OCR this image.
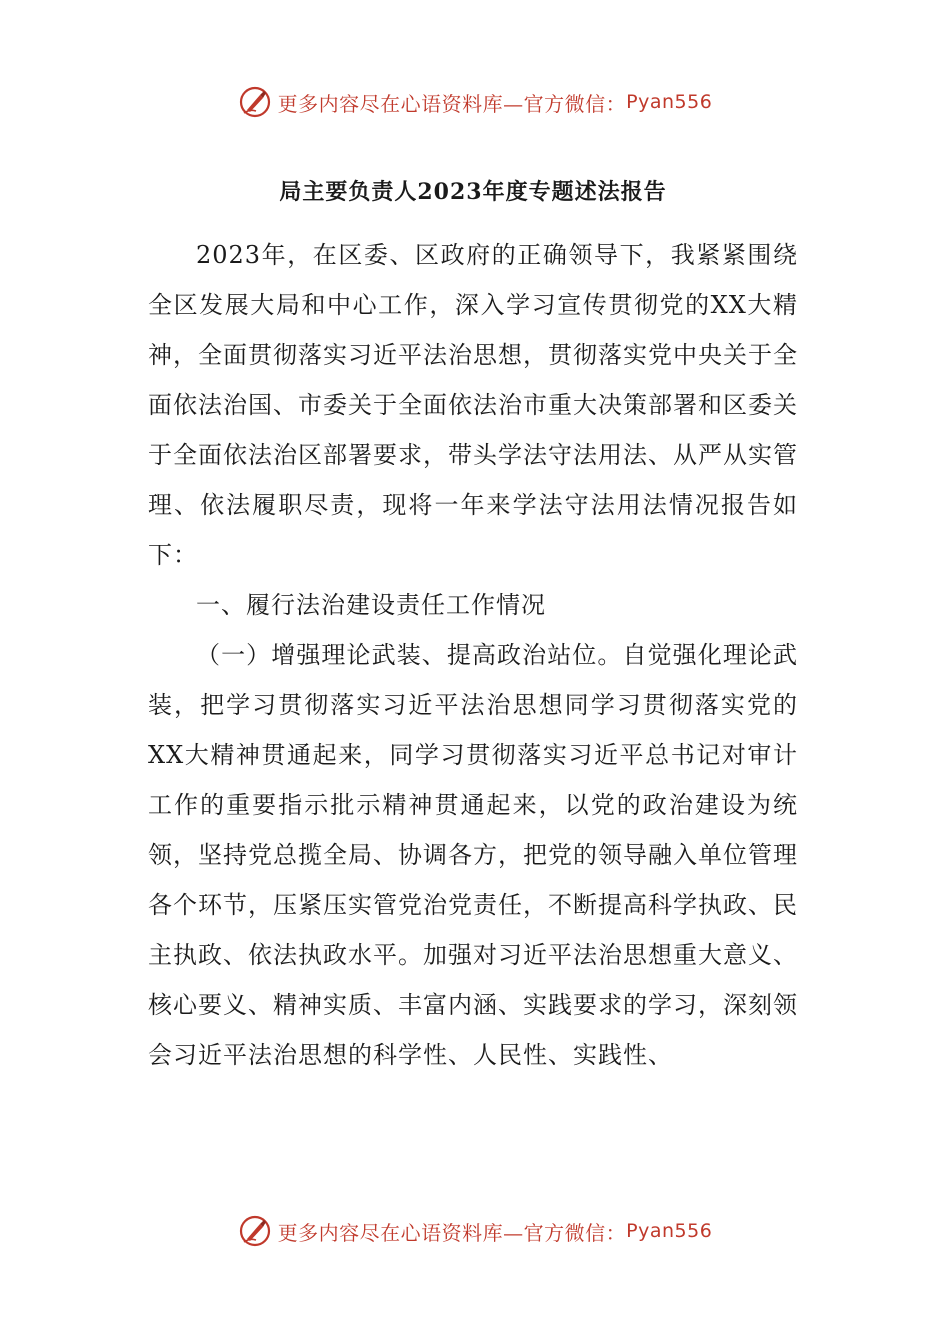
更多内容尽在心语资料库—官方微信： Pyan556
局主要负责人2023年度专题述法报告

2023年，在区委、区政府的正确领导下，我紧紧围绕全区发展大局和中心工作，深入学习宣传贯彻党的XX大精神，全面贯彻落实习近平法治思想，贯彻落实党中央关于全面依法治国、市委关于全面依法治市重大决策部署和区委关于全面依法治区部署要求，带头学法守法用法、从严从实管理、依法履职尽责，现将一年来学法守法用法情况报告如下：

一、履行法治建设责任工作情况

（一）增强理论武装、提高政治站位。自觉强化理论武装，把学习贯彻落实习近平法治思想同学习贯彻落实党的XX大精神贯通起来，同学习贯彻落实习近平总书记对审计工作的重要指示批示精神贯通起来，以党的政治建设为统领，坚持党总揽全局、协调各方，把党的领导融入单位管理各个环节，压紧压实管党治党责任，不断提高科学执政、民主执政、依法执政水平。加强对习近平法治思想重大意义、核心要义、精神实质、丰富内涵、实践要求的学习，深刻领会习近平法治思想的科学性、人民性、实践性、

更多内容尽在心语资料库—官方微信： Pyan556
